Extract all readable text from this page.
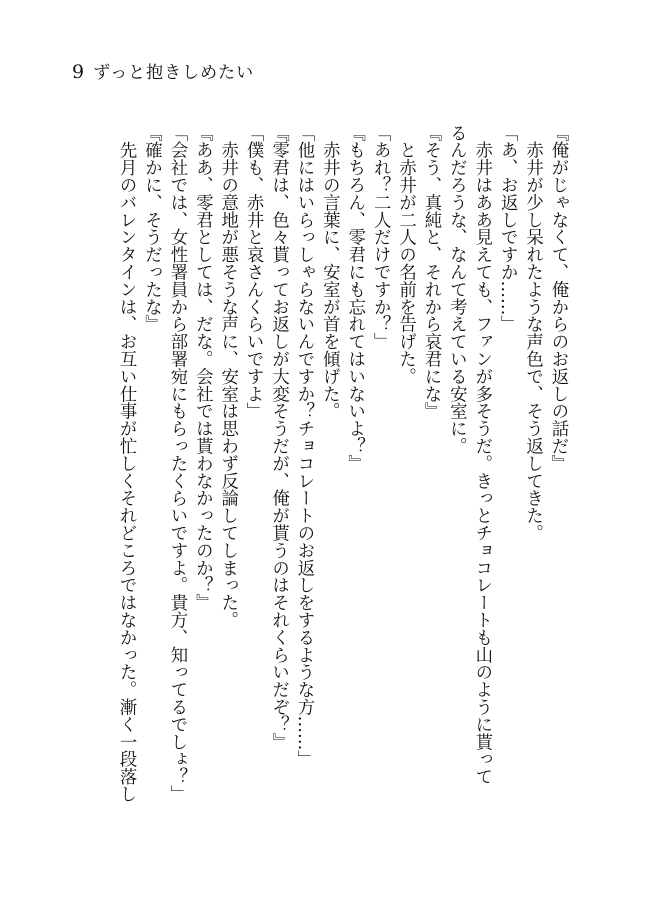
9 ずっと抱きしめたい

『俺がじゃなくて、俺からのお返しの話だ』

　赤井が少し呆れたような声色で、そう返してきた。

「あ、お返しですか……」

　赤井はああ見えても、ファンが多そうだ。きっとチョコレートも山のように貰って

るんだろうな、なんて考えている安室に。

『そう、真純と、それから哀君にな』

　と赤井が二人の名前を告げた。

「あれ？二人だけですか？」

『もちろん、零君にも忘れてはいないよ？』

　赤井の言葉に、安室が首を傾げた。

「他にはいらっしゃらないんですか？チョコレートのお返しをするような方……」

『零君は、色々貰ってお返しが大変そうだが、俺が貰うのはそれくらいだぞ？』

「僕も、赤井と哀さんくらいですよ」

　赤井の意地が悪そうな声に、安室は思わず反論してしまった。

『ああ、零君としては、だな。会社では貰わなかったのか？』

「会社では、女性署員から部署宛にもらったくらいですよ。貴方、知ってるでしょ？」

『確かに、そうだったな』

　先月のバレンタインは、お互い仕事が忙しくそれどころではなかった。漸く一段落し
